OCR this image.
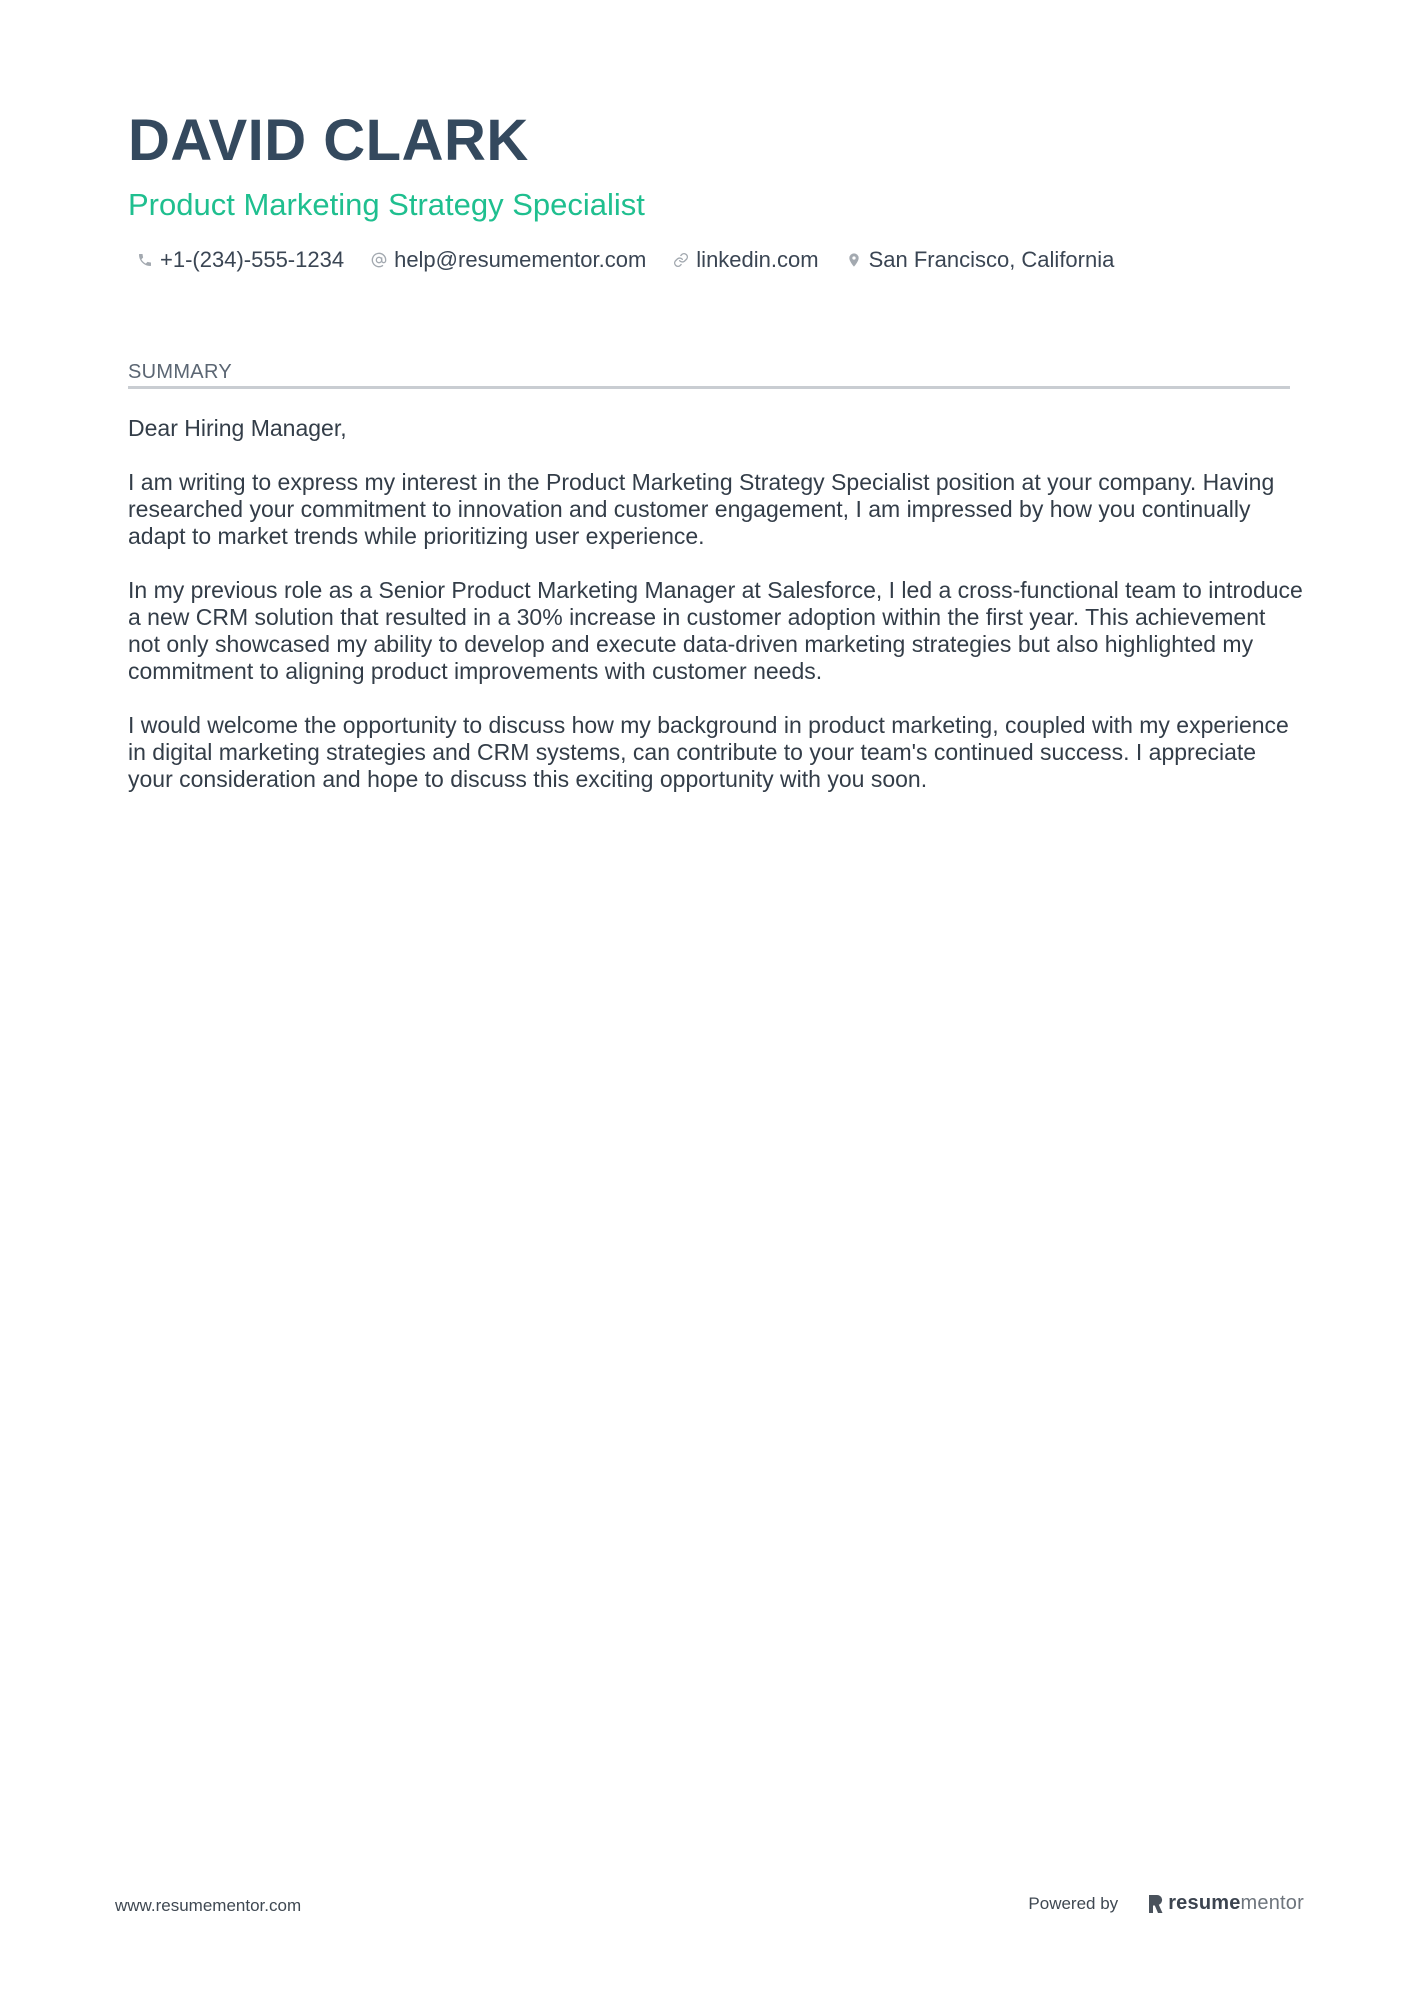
DAVID CLARK
Product Marketing Strategy Specialist
+1-(234)-555-1234 help@resumementor.com linkedin.com San Francisco, California
SUMMARY

Dear Hiring Manager,

I am writing to express my interest in the Product Marketing Strategy Specialist position at your company. Having researched your commitment to innovation and customer engagement, I am impressed by how you continually adapt to market trends while prioritizing user experience.

In my previous role as a Senior Product Marketing Manager at Salesforce, I led a cross-functional team to introduce a new CRM solution that resulted in a 30% increase in customer adoption within the first year. This achievement not only showcased my ability to develop and execute data-driven marketing strategies but also highlighted my commitment to aligning product improvements with customer needs.

I would welcome the opportunity to discuss how my background in product marketing, coupled with my experience in digital marketing strategies and CRM systems, can contribute to your team's continued success. I appreciate your consideration and hope to discuss this exciting opportunity with you soon.

www.resumementor.com	Powered by	resume mentor
